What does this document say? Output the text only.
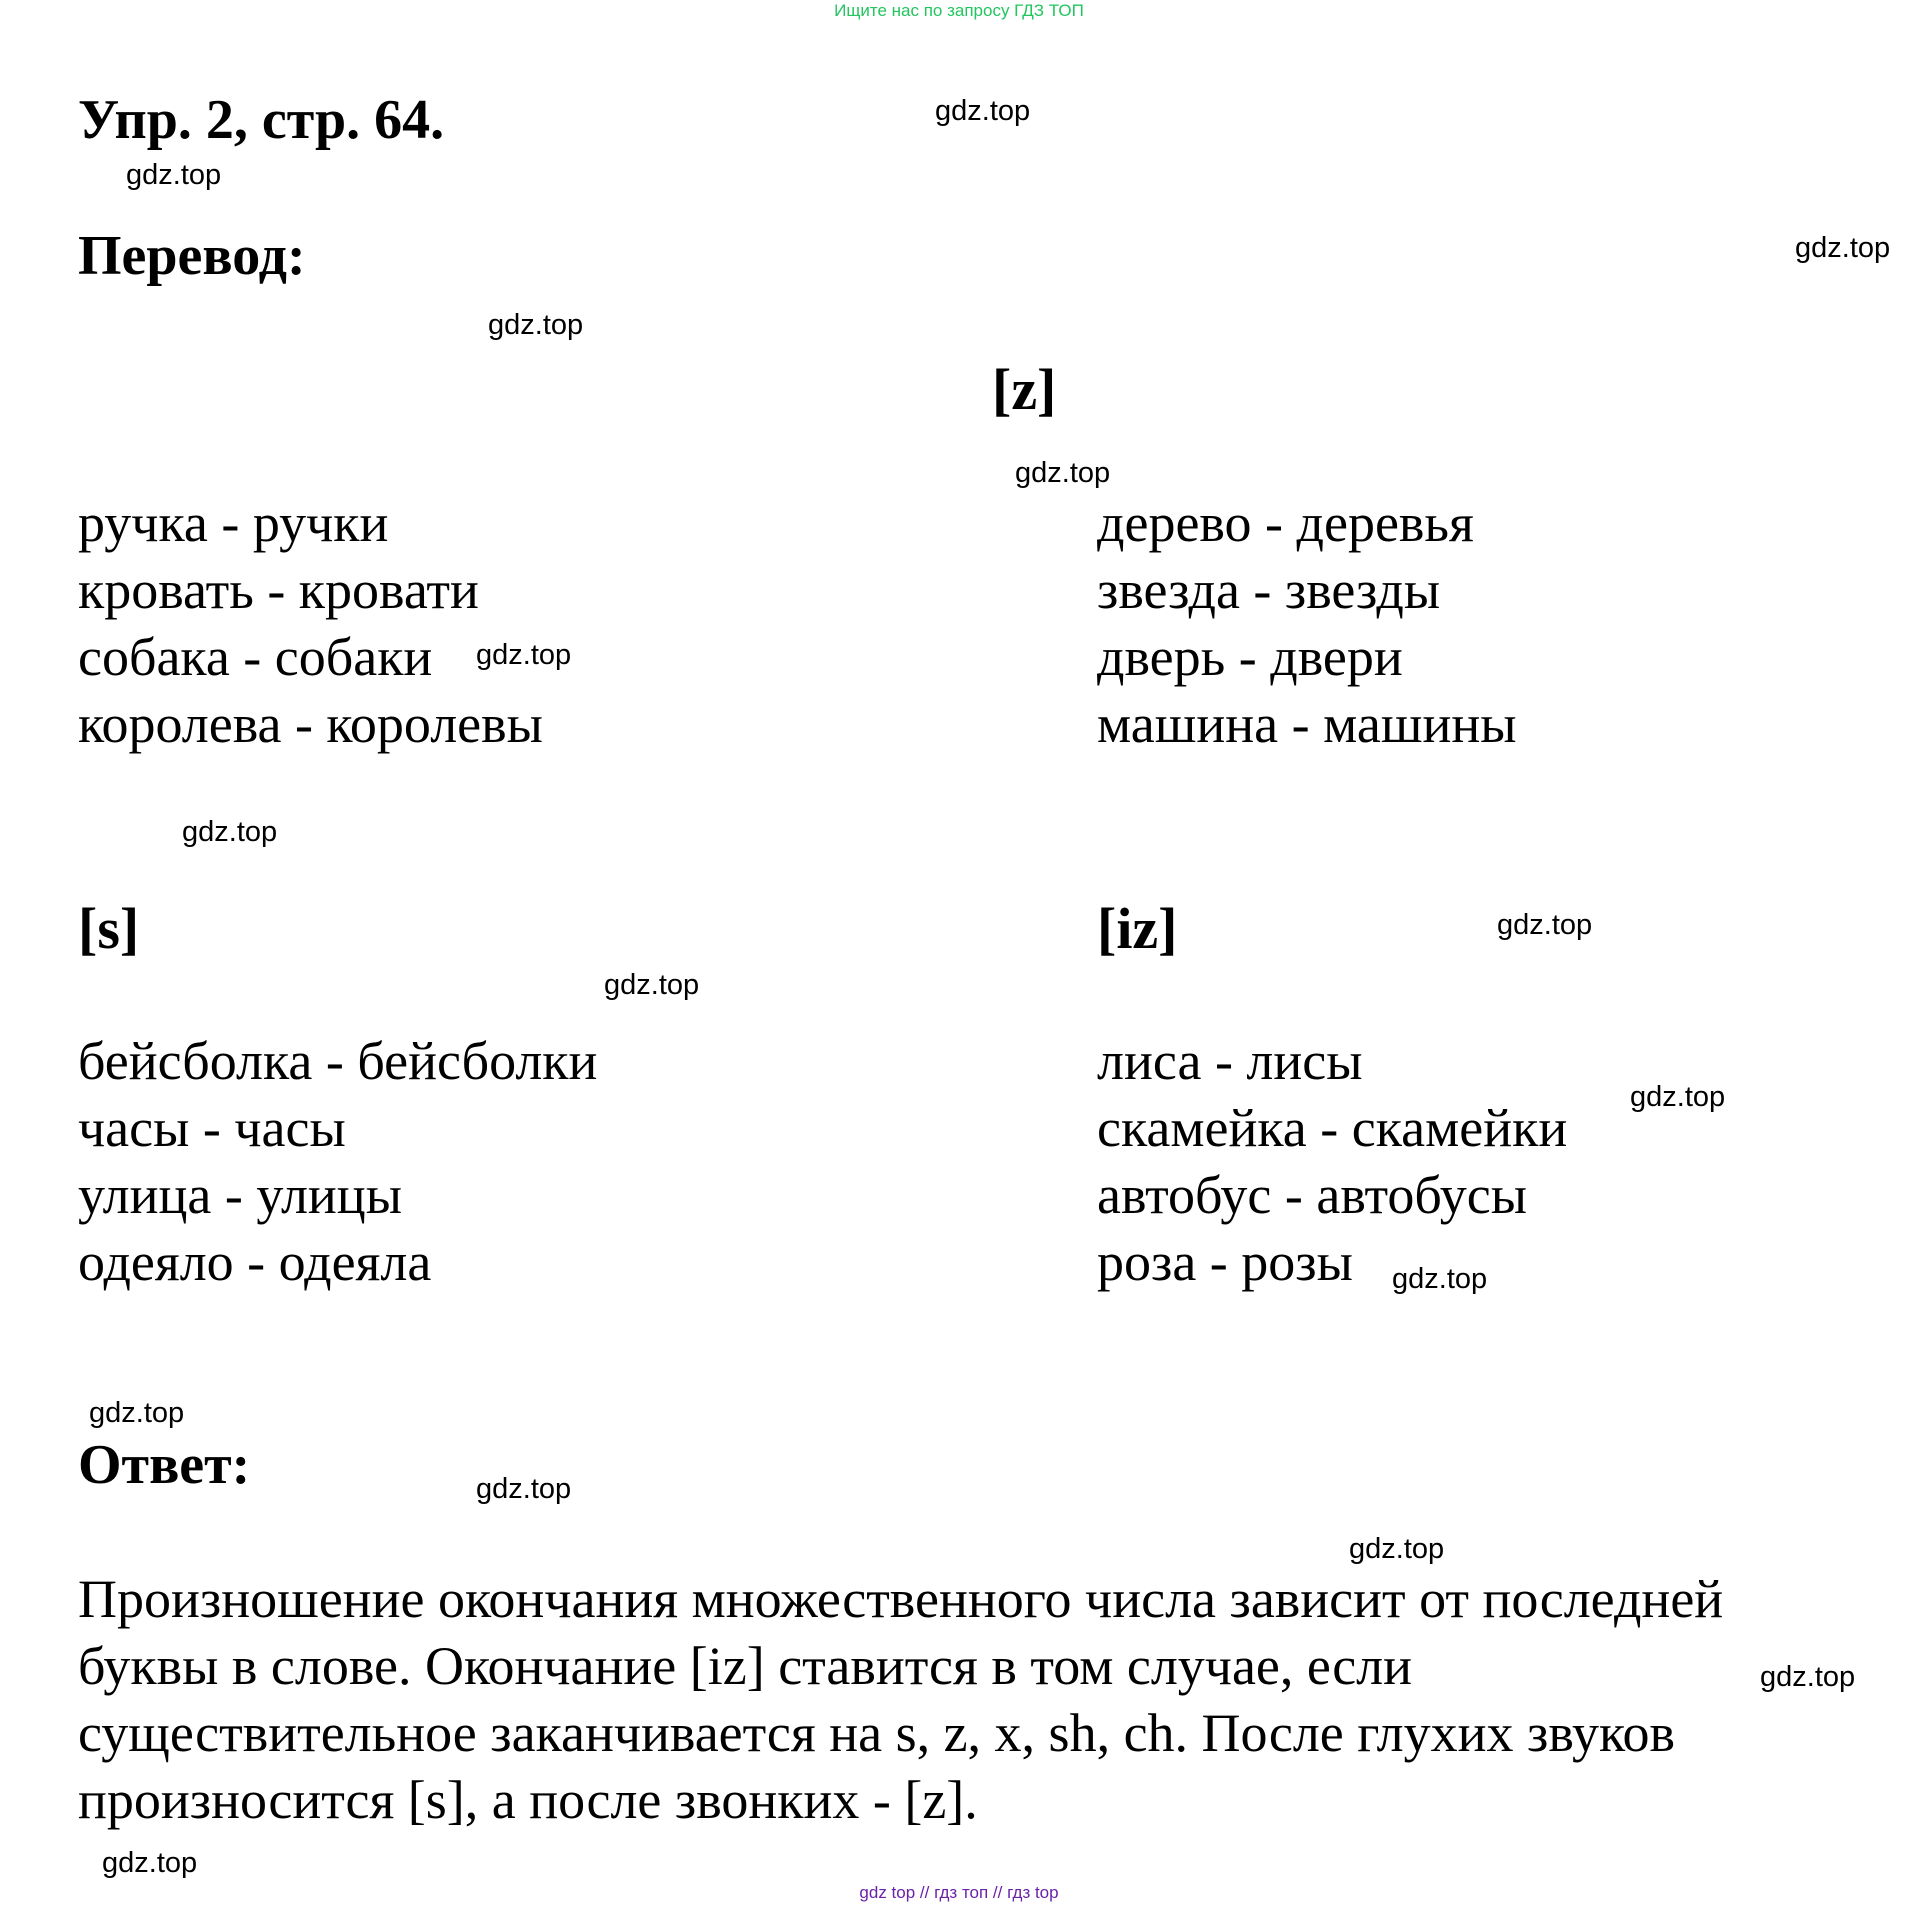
Ищите нас по запросу ГДЗ ТОП
Упр. 2, стр. 64.
Перевод:
[z]
ручка - ручки
кровать - кровати
собака - собаки
королева - королевы
дерево - деревья
звезда - звезды
дверь - двери
машина - машины
[s]	[iz]
бейсболка - бейсболки
часы - часы
улица - улицы
одеяло - одеяла
лиса - лисы
скамейка - скамейки
автобус - автобусы
роза - розы
Ответ:
Произношение окончания множественного числа зависит от последней
буквы в слове. Окончание [iz] ставится в том случае, если
существительное заканчивается на s, z, x, sh, ch. После глухих звуков
произносится [s], а после звонких - [z].
gdz.top
gdz.top
gdz.top
gdz.top
gdz.top
gdz.top
gdz.top
gdz.top
gdz.top
gdz.top
gdz.top
gdz.top
gdz.top
gdz.top
gdz.top
gdz.top
gdz top // гдз топ // гдз top
